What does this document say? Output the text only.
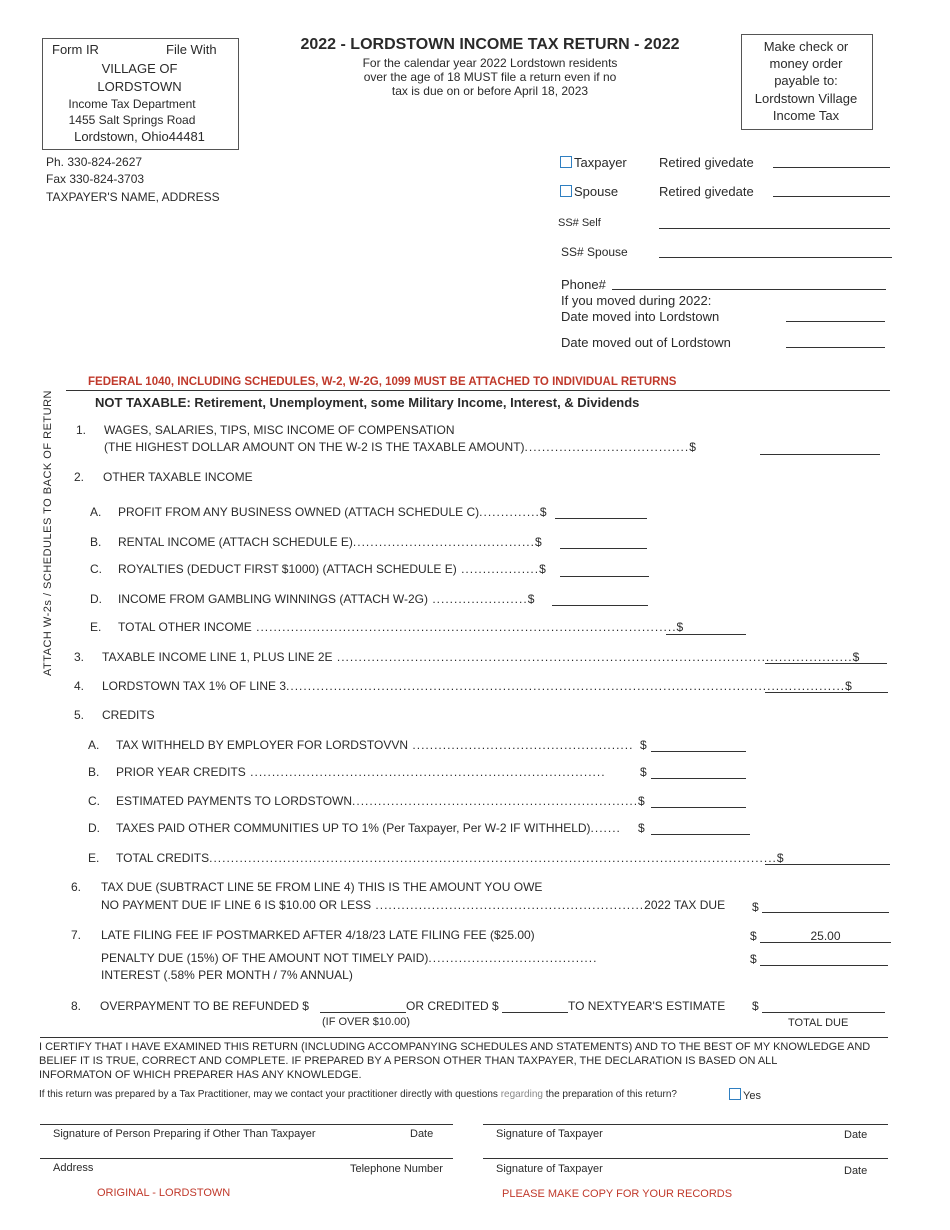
Form IR	File With
VILLAGE OF
LORDSTOWN
Income Tax Department
1455 Salt Springs Road
Lordstown, Ohio44481
Ph. 330-824-2627
Fax 330-824-3703
TAXPAYER'S NAME, ADDRESS
2022 - LORDSTOWN INCOME TAX RETURN - 2022
For the calendar year 2022 Lordstown residents
over the age of 18 MUST file a return even if no
tax is due on or before April 18, 2023
Make check or
money order
payable to:
Lordstown Village
Income Tax
Taxpayer Retired givedate
Spouse	Retired givedate
SS# Self
SS# Spouse
Phone#
If you moved during 2022:
Date moved into Lordstown
Date moved out of Lordstown
FEDERAL 1040, INCLUDING SCHEDULES, W-2, W-2G, 1099 MUST BE ATTACHED TO INDIVIDUAL RETURNS
NOT TAXABLE: Retirement, Unemployment, some Military Income, Interest, & Dividends
ATTACH W-2s / SCHEDULES TO BACK OF RETURN 1. WAGES, SALARIES, TIPS, MISC INCOME OF COMPENSATION
(THE HIGHEST DOLLAR AMOUNT ON THE W-2 IS THE TAXABLE AMOUNT)......................................$
2. OTHER TAXABLE INCOME
A. PROFIT FROM ANY BUSINESS OWNED (ATTACH SCHEDULE C)..............$
B. RENTAL INCOME (ATTACH SCHEDULE E)..........................................$
C. ROYALTIES (DEDUCT FIRST $1000) (ATTACH SCHEDULE E) ..................$
D. INCOME FROM GAMBLING WINNINGS (ATTACH W-2G) ......................$
E. TOTAL OTHER INCOME .................................................................................................$
3. TAXABLE INCOME LINE 1, PLUS LINE 2E .......................................................................................................................$
4. LORDSTOWN TAX 1% OF LINE 3.................................................................................................................................$
5. CREDITS
A. TAX WITHHELD BY EMPLOYER FOR LORDSTOVVN ................................................... $
B. PRIOR YEAR CREDITS ..................................................................................	$
C. ESTIMATED PAYMENTS TO LORDSTOWN.................................................................. $
D. TAXES PAID OTHER COMMUNITIES UP TO 1% (Per Taxpayer, Per W-2 IF WITHHELD)....... $
E. TOTAL CREDITS...................................................................................................................................$
6. TAX DUE (SUBTRACT LINE 5E FROM LINE 4) THIS IS THE AMOUNT YOU OWE
NO PAYMENT DUE IF LINE 6 IS $10.00 OR LESS ..............................................................2022 TAX DUE $
7. LATE FILING FEE IF POSTMARKED AFTER 4/18/23 LATE FILING FEE ($25.00)	$	25.00
PENALTY DUE (15%) OF THE AMOUNT NOT TIMELY PAID).......................................	$
INTEREST (.58% PER MONTH / 7% ANNUAL)
8. OVERPAYMENT TO BE REFUNDED $	OR CREDITED $	TO NEXTYEAR'S ESTIMATE $
(IF OVER $10.00)	TOTAL DUE
I CERTIFY THAT I HAVE EXAMINED THIS RETURN (INCLUDING ACCOMPANYING SCHEDULES AND STATEMENTS) AND TO THE BEST OF MY KNOWLEDGE AND
BELIEF IT IS TRUE, CORRECT AND COMPLETE. IF PREPARED BY A PERSON OTHER THAN TAXPAYER, THE DECLARATION IS BASED ON ALL
INFORMATON OF WHICH PREPARER HAS ANY KNOWLEDGE.
If this return was prepared by a Tax Practitioner, may we contact your practitioner directly with questions regarding the preparation of this return?	Yes
Signature of Person Preparing if Other Than Taxpayer	Date	Signature of Taxpayer	Date
Address	Telephone Number	Signature of Taxpayer	Date
ORIGINAL - LORDSTOWN	PLEASE MAKE COPY FOR YOUR RECORDS
